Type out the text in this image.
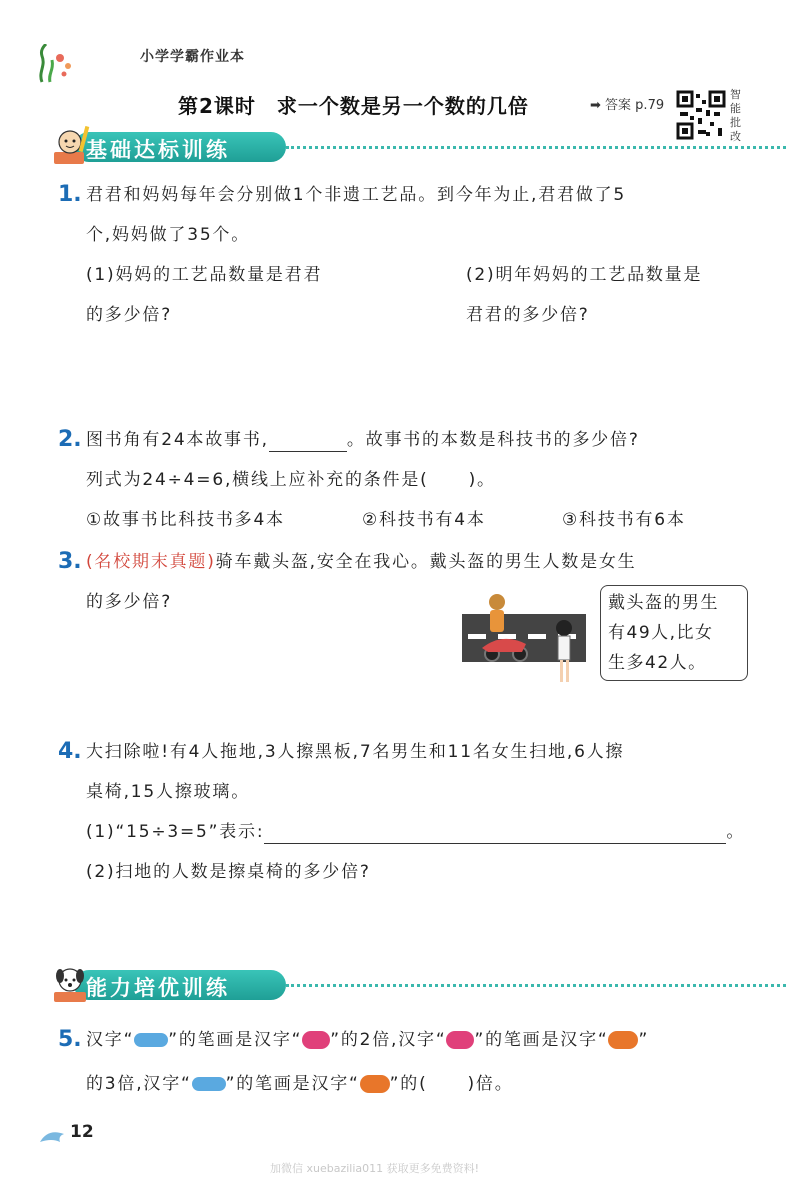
小学学霸作业本
第2课时　求一个数是另一个数的几倍	➡ 答案 p.79
智能批改
基础达标训练
1. 君君和妈妈每年会分别做1个非遗工艺品。到今年为止,君君做了5
个,妈妈做了35个。
(1)妈妈的工艺品数量是君君
的多少倍?
(2)明年妈妈的工艺品数量是
君君的多少倍?
2. 图书角有24本故事书,	。故事书的本数是科技书的多少倍?
列式为24÷4=6,横线上应补充的条件是( )。
①故事书比科技书多4本	②科技书有4本	③科技书有6本
3. (名校期末真题)骑车戴头盔,安全在我心。戴头盔的男生人数是女生
的多少倍?	戴头盔的男生
有49人,比女
生多42人。
4. 大扫除啦!有4人拖地,3人擦黑板,7名男生和11名女生扫地,6人擦
桌椅,15人擦玻璃。
(1)“15÷3=5”表示:	。
(2)扫地的人数是擦桌椅的多少倍?
能力培优训练
5. 汉字“ ”的笔画是汉字“ ”的2倍,汉字“ ”的笔画是汉字“ ”
的3倍,汉字“ ”的笔画是汉字“ ”的( )倍。
12
加微信 xuebazilia011 获取更多免费资料!
